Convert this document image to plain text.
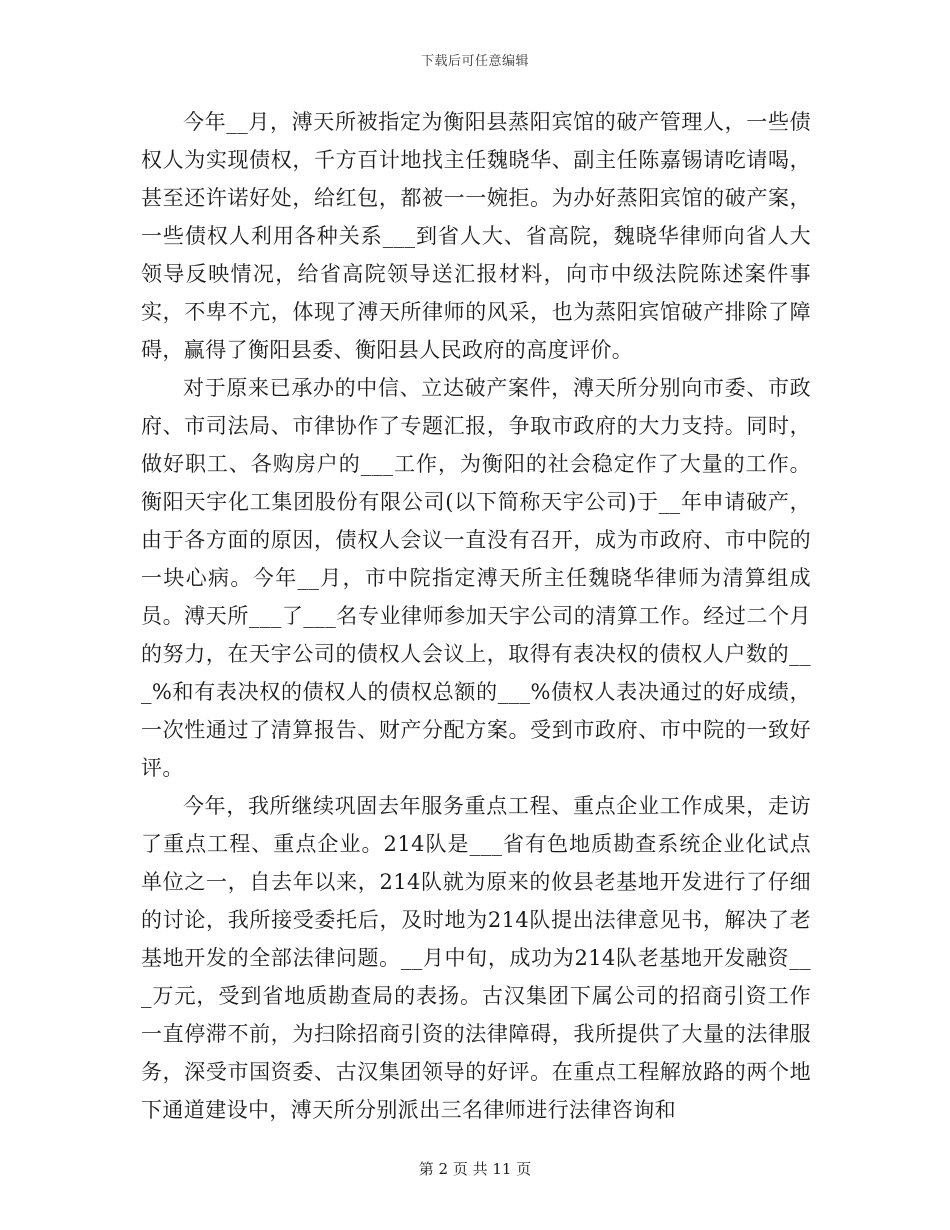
下载后可任意编辑

今年__月，溥天所被指定为衡阳县蒸阳宾馆的破产管理人，一些债权人为实现债权，千方百计地找主任魏晓华、副主任陈嘉锡请吃请喝，甚至还许诺好处，给红包，都被一一婉拒。为办好蒸阳宾馆的破产案，一些债权人利用各种关系___到省人大、省高院，魏晓华律师向省人大领导反映情况，给省高院领导送汇报材料，向市中级法院陈述案件事实，不卑不亢，体现了溥天所律师的风采，也为蒸阳宾馆破产排除了障碍，赢得了衡阳县委、衡阳县人民政府的高度评价。

对于原来已承办的中信、立达破产案件，溥天所分别向市委、市政府、市司法局、市律协作了专题汇报，争取市政府的大力支持。同时，做好职工、各购房户的___工作，为衡阳的社会稳定作了大量的工作。衡阳天宇化工集团股份有限公司(以下简称天宇公司)于__年申请破产，由于各方面的原因，债权人会议一直没有召开，成为市政府、市中院的一块心病。今年__月，市中院指定溥天所主任魏晓华律师为清算组成员。溥天所___了___名专业律师参加天宇公司的清算工作。经过二个月的努力，在天宇公司的债权人会议上，取得有表决权的债权人户数的___%和有表决权的债权人的债权总额的___%债权人表决通过的好成绩，一次性通过了清算报告、财产分配方案。受到市政府、市中院的一致好评。

今年，我所继续巩固去年服务重点工程、重点企业工作成果，走访了重点工程、重点企业。214队是___省有色地质勘查系统企业化试点单位之一，自去年以来，214队就为原来的攸县老基地开发进行了仔细的讨论，我所接受委托后，及时地为214队提出法律意见书，解决了老基地开发的全部法律问题。__月中旬，成功为214队老基地开发融资___万元，受到省地质勘查局的表扬。古汉集团下属公司的招商引资工作一直停滞不前，为扫除招商引资的法律障碍，我所提供了大量的法律服务，深受市国资委、古汉集团领导的好评。在重点工程解放路的两个地下通道建设中，溥天所分别派出三名律师进行法律咨询和

第 2 页 共 11 页
